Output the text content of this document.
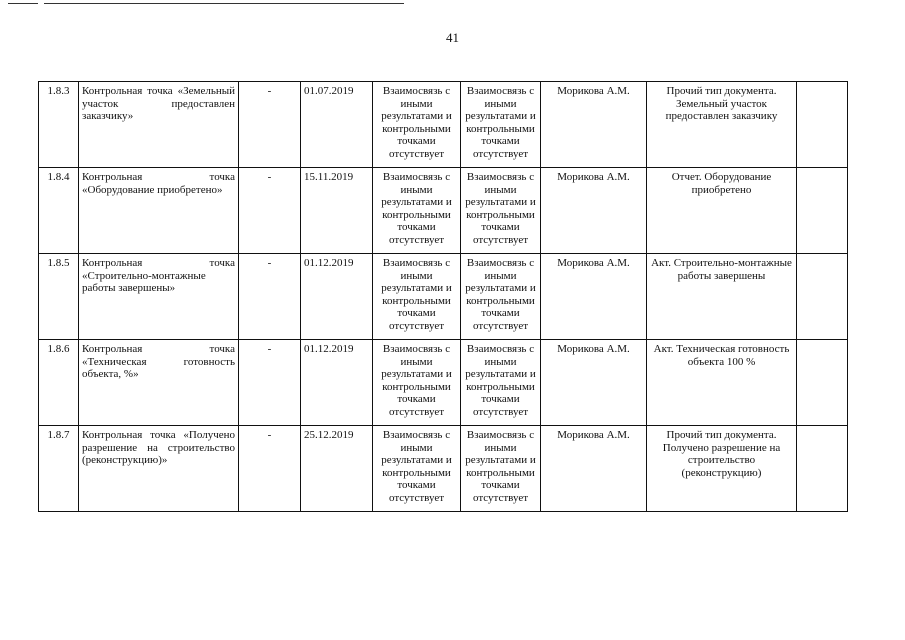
41
1.8.3	Контрольная точка «Земельный участок предоставлен заказчику»	-	01.07.2019	Взаимосвязь с иными результатами и контрольными точками отсутствует	Взаимосвязь с иными результатами и контрольными точками отсутствует	Морикова А.М.	Прочий тип документа. Земельный участок предоставлен заказчику	
1.8.4	Контрольная точка «Оборудование приобретено»	-	15.11.2019	Взаимосвязь с иными результатами и контрольными точками отсутствует	Взаимосвязь с иными результатами и контрольными точками отсутствует	Морикова А.М.	Отчет. Оборудование приобретено	
1.8.5	Контрольная точка «Строительно-монтажные работы завершены»	-	01.12.2019	Взаимосвязь с иными результатами и контрольными точками отсутствует	Взаимосвязь с иными результатами и контрольными точками отсутствует	Морикова А.М.	Акт. Строительно-монтажные работы завершены	
1.8.6	Контрольная точка «Техническая готовность объекта, %»	-	01.12.2019	Взаимосвязь с иными результатами и контрольными точками отсутствует	Взаимосвязь с иными результатами и контрольными точками отсутствует	Морикова А.М.	Акт. Техническая готовность объекта 100 %	
1.8.7	Контрольная точка «Получено разрешение на строительство (реконструкцию)»	-	25.12.2019	Взаимосвязь с иными результатами и контрольными точками отсутствует	Взаимосвязь с иными результатами и контрольными точками отсутствует	Морикова А.М.	Прочий тип документа. Получено разрешение на строительство (реконструкцию)	
